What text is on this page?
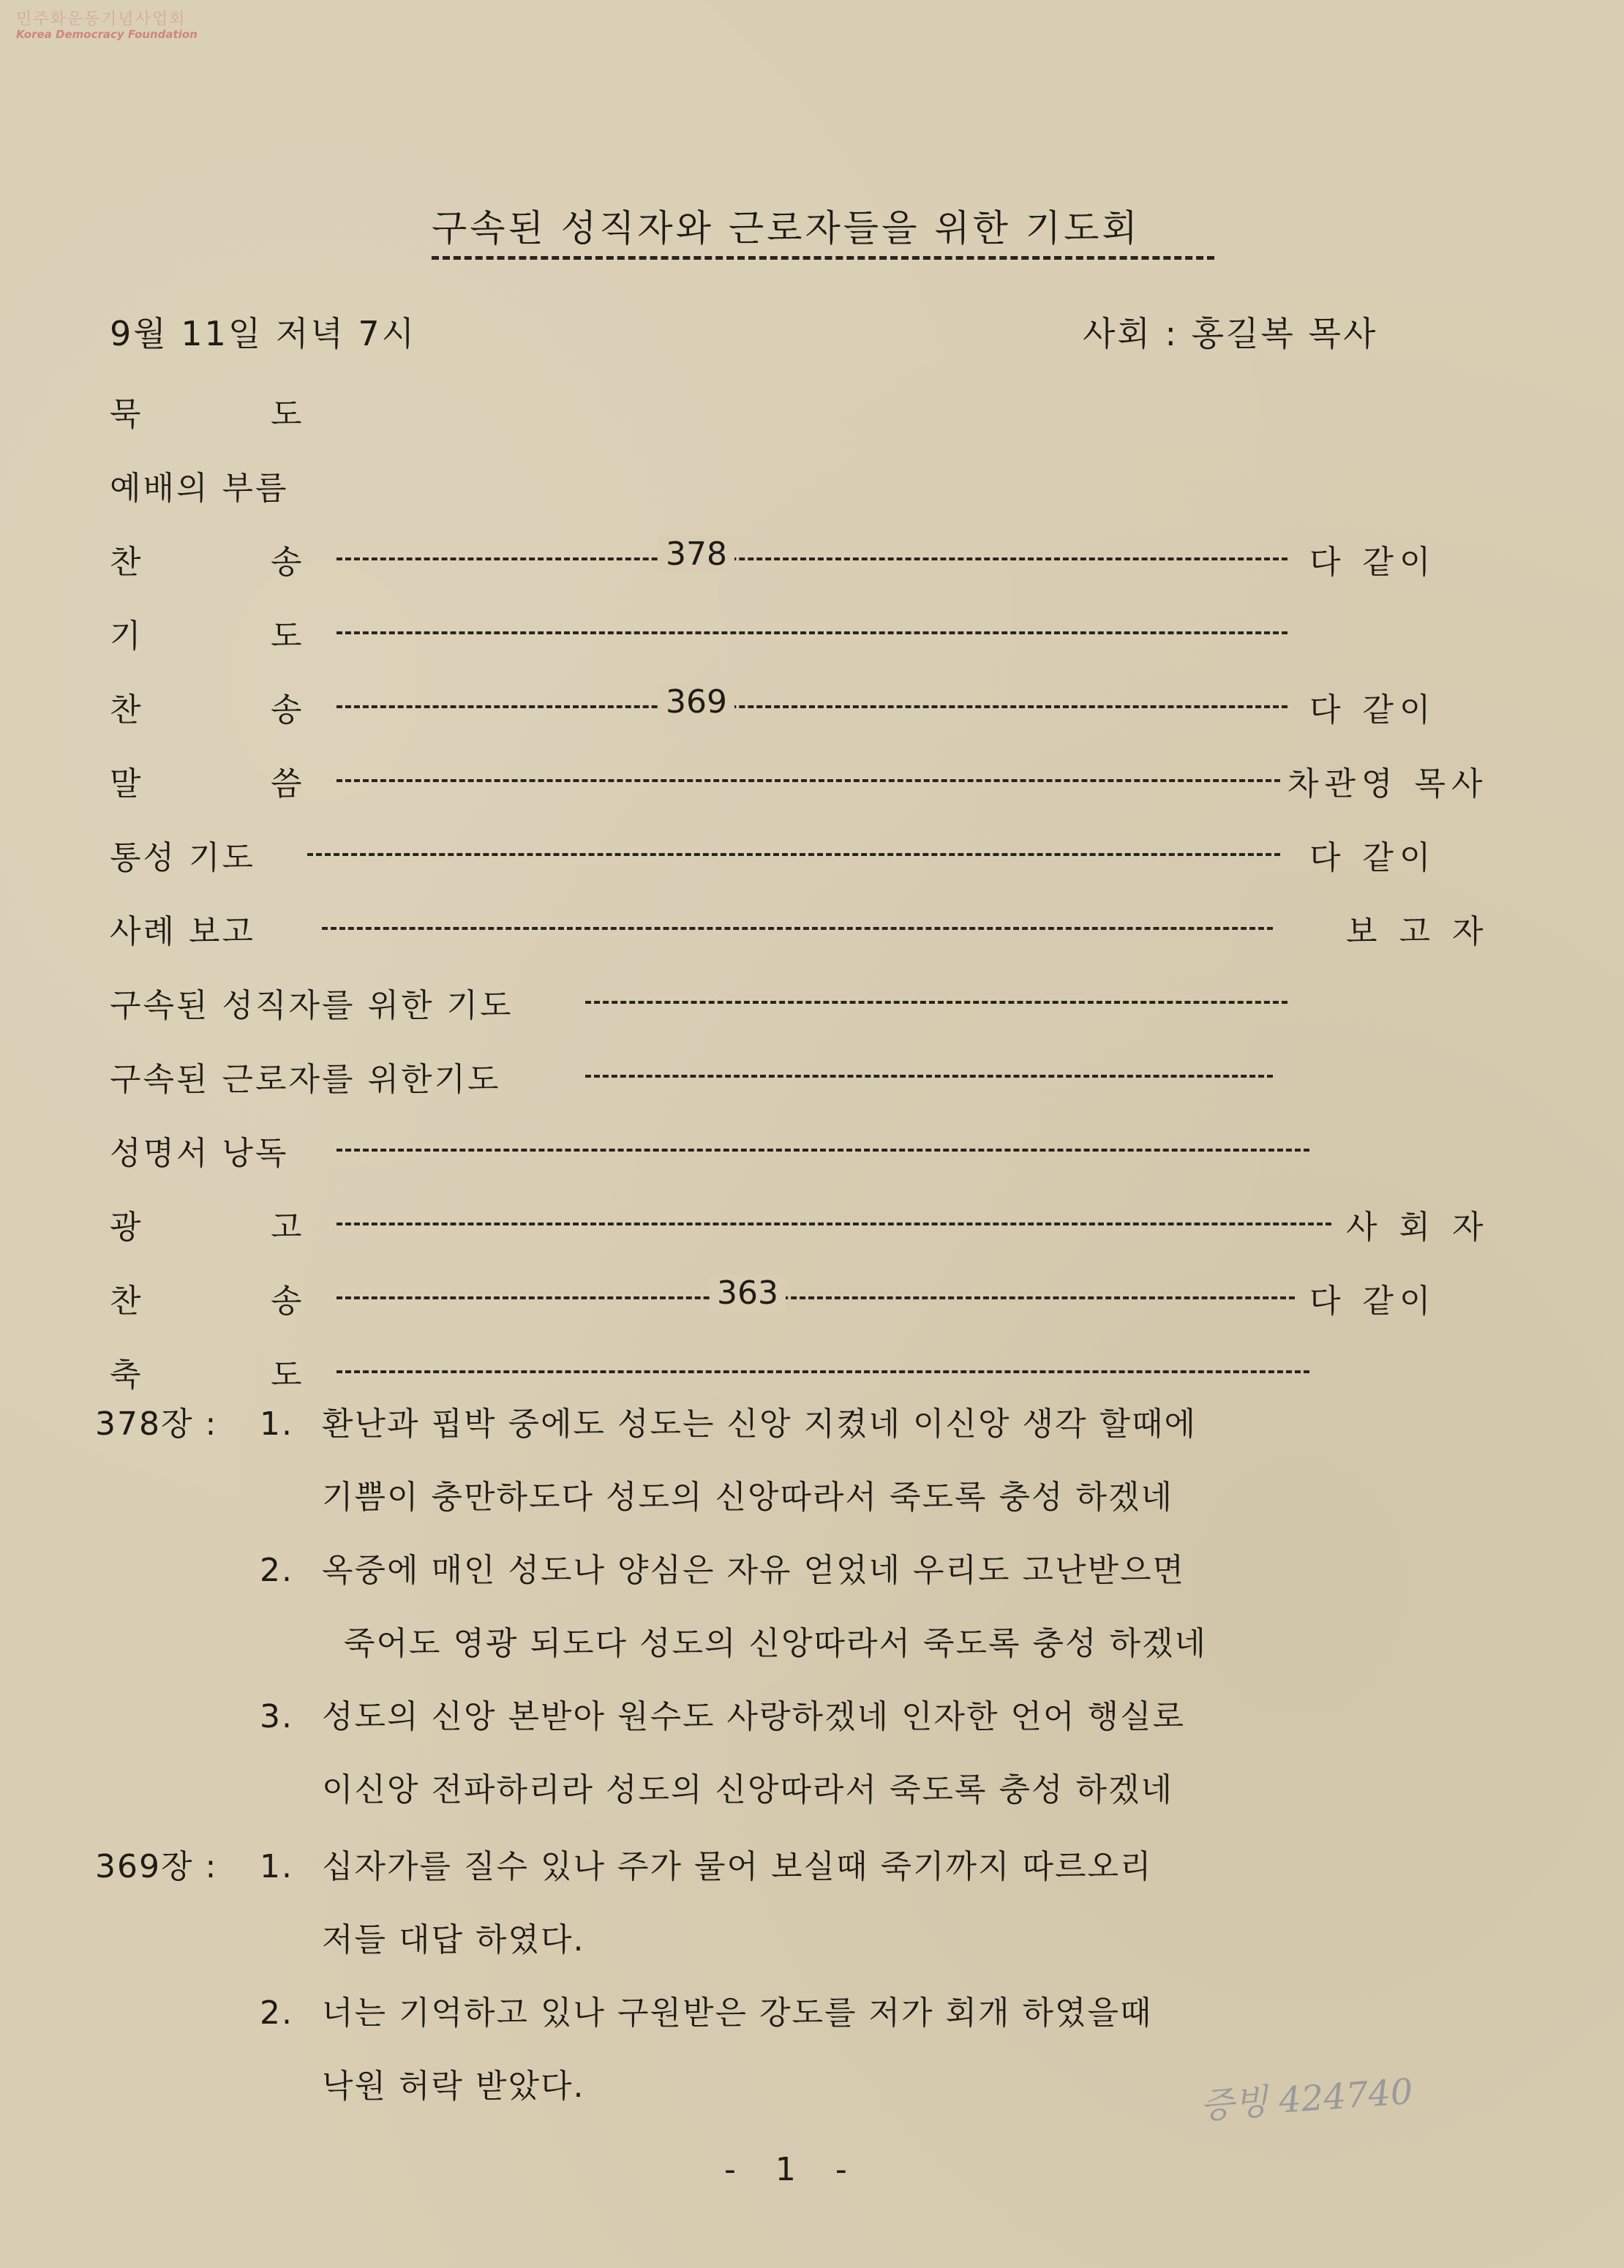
민주화운동기념사업회
Korea Democracy Foundation
구속된 성직자와 근로자들을 위한 기도회
9월 11일 저녁 7시	사회 : 홍길복 목사
묵	도
예배의 부름
찬	송	378	다 같이
기	도
찬	송	369	다 같이
말	씀	차관영 목사
통성 기도	다 같이
사례 보고	보 고 자
구속된 성직자를 위한 기도
구속된 근로자를 위한기도
성명서 낭독
광	고	사 회 자
찬	송	363	다 같이
축	도
378장 : 1. 환난과 핍박 중에도 성도는 신앙 지켰네 이신앙 생각 할때에
기쁨이 충만하도다 성도의 신앙따라서 죽도록 충성 하겠네
2. 옥중에 매인 성도나 양심은 자유 얻었네 우리도 고난받으면
죽어도 영광 되도다 성도의 신앙따라서 죽도록 충성 하겠네
3. 성도의 신앙 본받아 원수도 사랑하겠네 인자한 언어 행실로
이신앙 전파하리라 성도의 신앙따라서 죽도록 충성 하겠네
369장 : 1. 십자가를 질수 있나 주가 물어 보실때 죽기까지 따르오리
저들 대답 하였다.
2. 너는 기억하고 있나 구원받은 강도를 저가 회개 하였을때
낙원 허락 받았다.
- 1 -
증빙 424740
